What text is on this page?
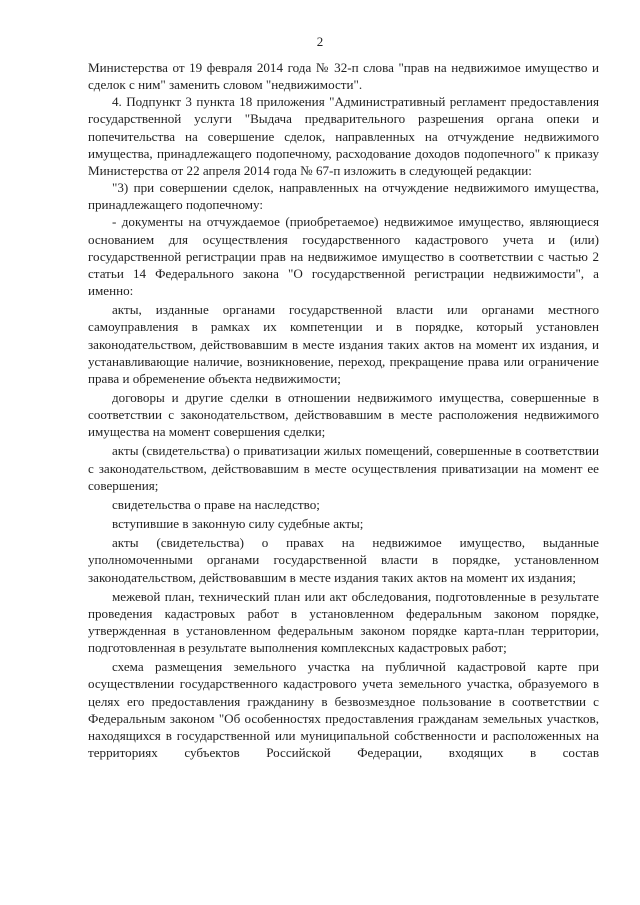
2

Министерства от 19 февраля 2014 года № 32-п слова "прав на недвижимое имущество и сделок с ним" заменить словом "недвижимости".

4. Подпункт 3 пункта 18 приложения "Административный регламент предоставления государственной услуги "Выдача предварительного разрешения органа опеки и попечительства на совершение сделок, направленных на отчуждение недвижимого имущества, принадлежащего подопечному, расходование доходов подопечного" к приказу Министерства от 22 апреля 2014 года № 67-п изложить в следующей редакции:

"3) при совершении сделок, направленных на отчуждение недвижимого имущества, принадлежащего подопечному:

- документы на отчуждаемое (приобретаемое) недвижимое имущество, являющиеся основанием для осуществления государственного кадастрового учета и (или) государственной регистрации прав на недвижимое имущество в соответствии с частью 2 статьи 14 Федерального закона "О государственной регистрации недвижимости", а именно:

акты, изданные органами государственной власти или органами местного самоуправления в рамках их компетенции и в порядке, который установлен законодательством, действовавшим в месте издания таких актов на момент их издания, и устанавливающие наличие, возникновение, переход, прекращение права или ограничение права и обременение объекта недвижимости;

договоры и другие сделки в отношении недвижимого имущества, совершенные в соответствии с законодательством, действовавшим в месте расположения недвижимого имущества на момент совершения сделки;

акты (свидетельства) о приватизации жилых помещений, совершенные в соответствии с законодательством, действовавшим в месте осуществления приватизации на момент ее совершения;

свидетельства о праве на наследство;

вступившие в законную силу судебные акты;

акты (свидетельства) о правах на недвижимое имущество, выданные уполномоченными органами государственной власти в порядке, установленном законодательством, действовавшим в месте издания таких актов на момент их издания;

межевой план, технический план или акт обследования, подготовленные в результате проведения кадастровых работ в установленном федеральным законом порядке, утвержденная в установленном федеральным законом порядке карта-план территории, подготовленная в результате выполнения комплексных кадастровых работ;

схема размещения земельного участка на публичной кадастровой карте при осуществлении государственного кадастрового учета земельного участка, образуемого в целях его предоставления гражданину в безвозмездное пользование в соответствии с Федеральным законом "Об особенностях предоставления гражданам земельных участков, находящихся в государственной или муниципальной собственности и расположенных на территориях субъектов Российской Федерации, входящих в состав
